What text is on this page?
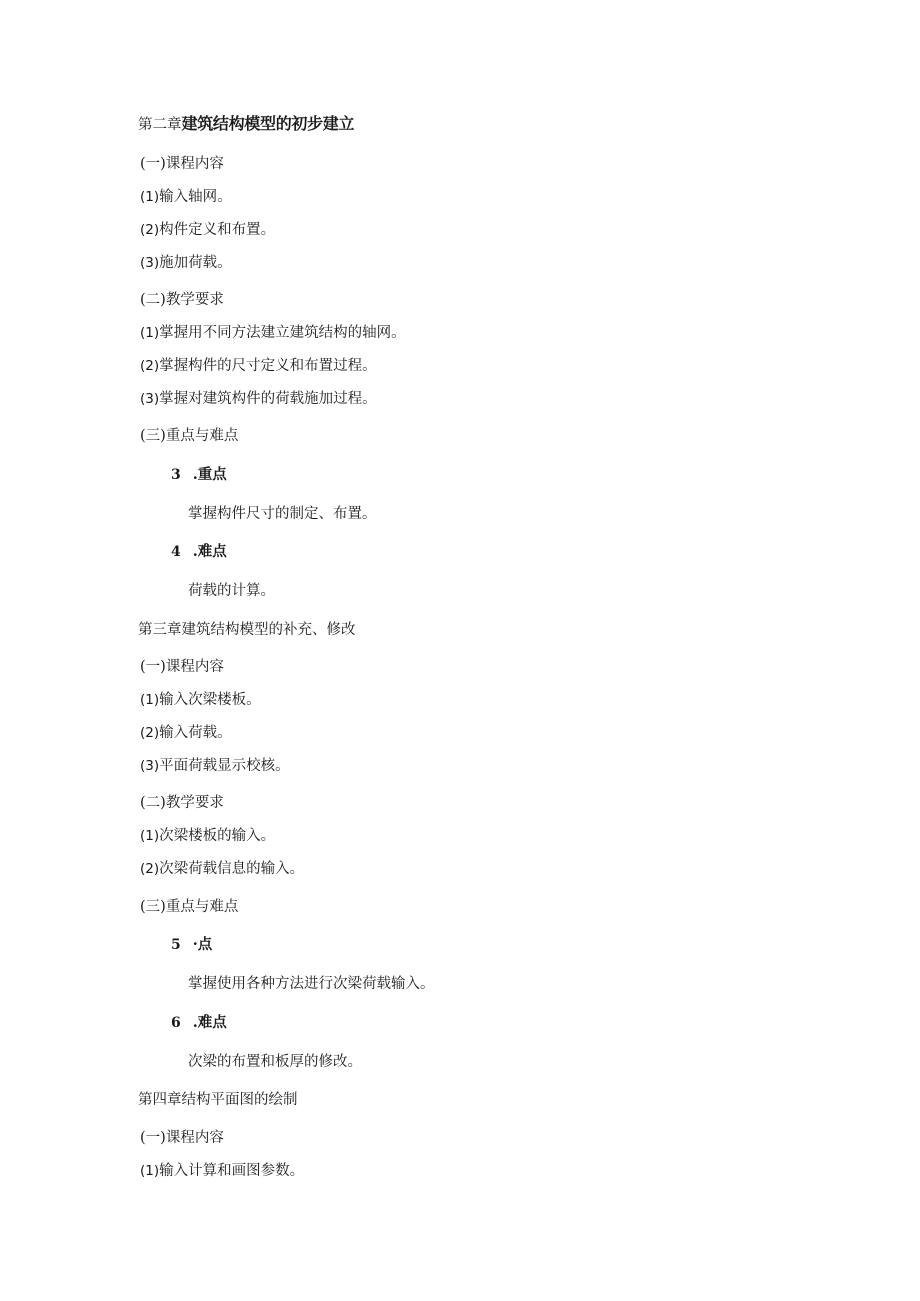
第二章建筑结构模型的初步建立
(一)课程内容
(1)输入轴网。
(2)构件定义和布置。
(3)施加荷载。
(二)教学要求
(1)掌握用不同方法建立建筑结构的轴网。
(2)掌握构件的尺寸定义和布置过程。
(3)掌握对建筑构件的荷载施加过程。
(三)重点与难点
3 .重点
掌握构件尺寸的制定、布置。
4 .难点
荷载的计算。
第三章建筑结构模型的补充、修改
(一)课程内容
(1)输入次梁楼板。
(2)输入荷载。
(3)平面荷载显示校核。
(二)教学要求
(1)次梁楼板的输入。
(2)次梁荷载信息的输入。
(三)重点与难点
5 ·点
掌握使用各种方法进行次梁荷载输入。
6 .难点
次梁的布置和板厚的修改。
第四章结构平面图的绘制
(一)课程内容
(1)输入计算和画图参数。
